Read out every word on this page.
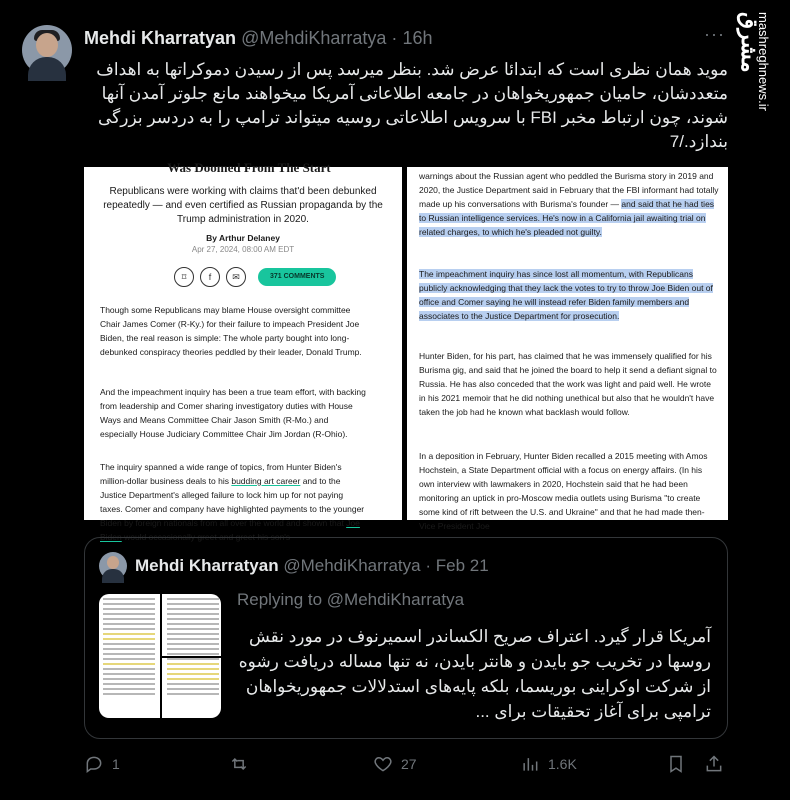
Mehdi Kharratyan @MehdiKharratya · 16h	··· مشرق
mashreghnews.ir
موید همان نظری است که ابتدائا عرض شد. بنظر میرسد پس از رسیدن دموکراتها به اهداف متعددشان، حامیان جمهوریخواهان در جامعه اطلاعاتی آمریکا میخواهند مانع جلوتر آمدن آنها شوند، چون ارتباط مخبر FBI با سرویس اطلاعاتی روسیه میتواند ترامپ را به دردسر بزرگی بندازد./7
Was Doomed From The Start
Republicans were working with claims that'd been debunked repeatedly — and even certified as Russian propaganda by the Trump administration in 2020.
By Arthur Delaney
Apr 27, 2024, 08:00 AM EDT
⌑	f	✉	371 COMMENTS
Though some Republicans may blame House oversight committee Chair James Comer (R-Ky.) for their failure to impeach President Joe Biden, the real reason is simple: The whole party bought into long-debunked conspiracy theories peddled by their leader, Donald Trump.
And the impeachment inquiry has been a true team effort, with backing from leadership and Comer sharing investigatory duties with House Ways and Means Committee Chair Jason Smith (R-Mo.) and especially House Judiciary Committee Chair Jim Jordan (R-Ohio).
The inquiry spanned a wide range of topics, from Hunter Biden's million-dollar business deals to his budding art career and to the Justice Department's alleged failure to lock him up for not paying taxes. Comer and company have highlighted payments to the younger Biden by foreign nationals from all over the world and shown that Joe Biden would occasionally greet and greet his son's
warnings about the Russian agent who peddled the Burisma story in 2019 and 2020, the Justice Department said in February that the FBI informant had totally made up his conversations with Burisma's founder — and said that he had ties to Russian intelligence services. He's now in a California jail awaiting trial on related charges, to which he's pleaded not guilty.
The impeachment inquiry has since lost all momentum, with Republicans publicly acknowledging that they lack the votes to try to throw Joe Biden out of office and Comer saying he will instead refer Biden family members and associates to the Justice Department for prosecution.
Hunter Biden, for his part, has claimed that he was immensely qualified for his Burisma gig, and said that he joined the board to help it send a defiant signal to Russia. He has also conceded that the work was light and paid well. He wrote in his 2021 memoir that he did nothing unethical but also that he wouldn't have taken the job had he known what backlash would follow.
In a deposition in February, Hunter Biden recalled a 2015 meeting with Amos Hochstein, a State Department official with a focus on energy affairs. (In his own interview with lawmakers in 2020, Hochstein said that he had been monitoring an uptick in pro-Moscow media outlets using Burisma "to create some kind of rift between the U.S. and Ukraine" and that he had made then-Vice President Joe
Mehdi Kharratyan @MehdiKharratya · Feb 21
Replying to @MehdiKharratya
آمریکا قرار گیرد. اعتراف صریح الکساندر اسمیرنوف در مورد نقش روسها در تخریب جو بایدن و هانتر بایدن، نه تنها مساله دریافت رشوه از شرکت اوکراینی بوریسما، بلکه پایه‌های استدلالات جمهوریخواهان ترامپی برای آغاز تحقیقات برای ...
1	27	1.6K
